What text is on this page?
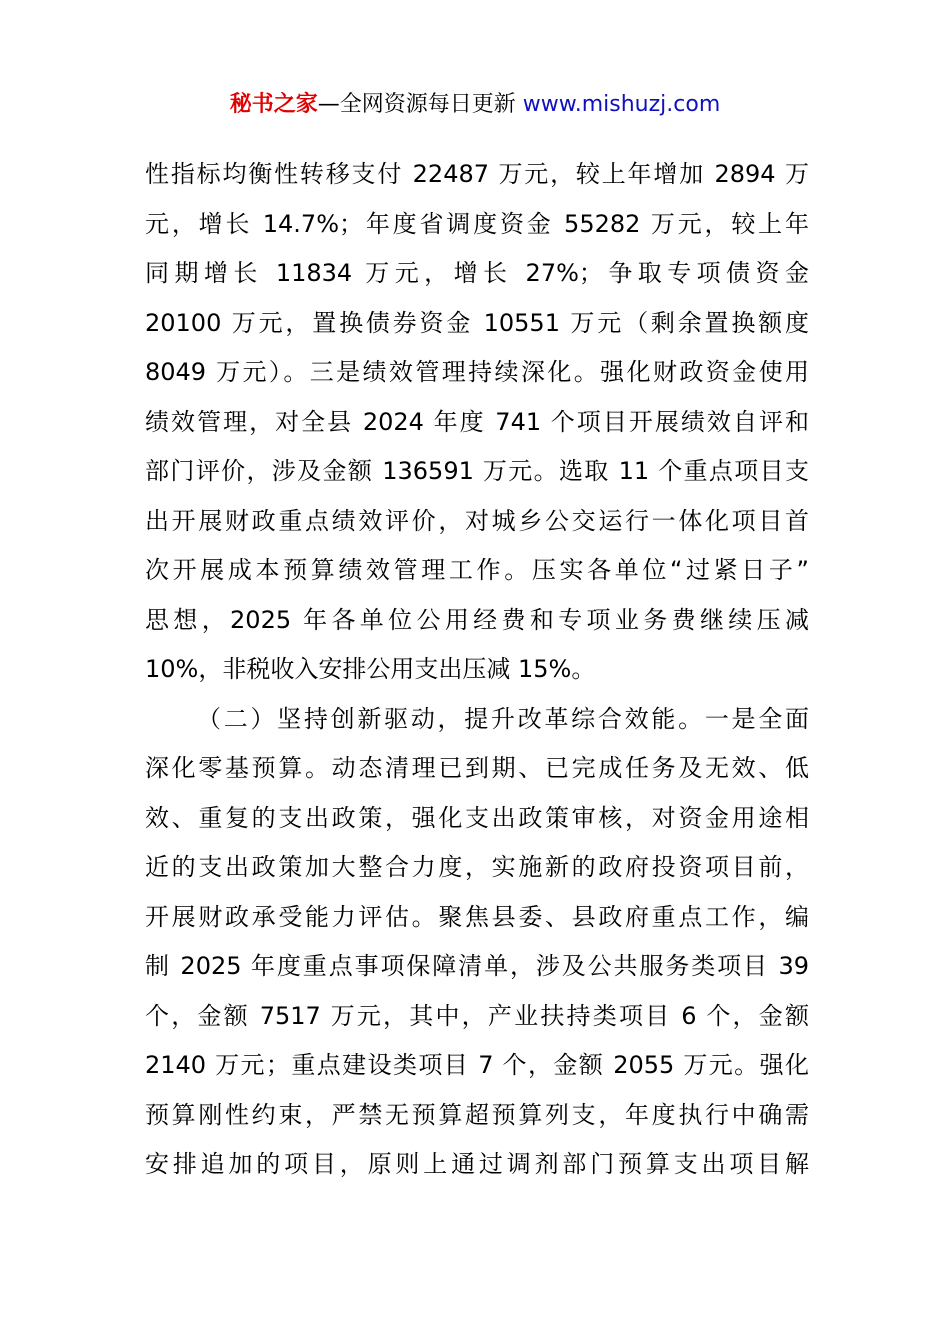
秘书之家—全网资源每日更新 www.mishuzj.com
性指标均衡性转移支付 22487 万元，较上年增加 2894 万
元，增长 14.7%；年度省调度资金 55282 万元，较上年
同期增长 11834 万元，增长 27%；争取专项债资金
20100 万元，置换债券资金 10551 万元（剩余置换额度
8049 万元）。三是绩效管理持续深化。强化财政资金使用
绩效管理，对全县 2024 年度 741 个项目开展绩效自评和
部门评价，涉及金额 136591 万元。选取 11 个重点项目支
出开展财政重点绩效评价，对城乡公交运行一体化项目首
次开展成本预算绩效管理工作。压实各单位“过紧日子”
思想，2025 年各单位公用经费和专项业务费继续压减
10%，非税收入安排公用支出压减 15%。
（二）坚持创新驱动，提升改革综合效能。一是全面
深化零基预算。动态清理已到期、已完成任务及无效、低
效、重复的支出政策，强化支出政策审核，对资金用途相
近的支出政策加大整合力度，实施新的政府投资项目前，
开展财政承受能力评估。聚焦县委、县政府重点工作，编
制 2025 年度重点事项保障清单，涉及公共服务类项目 39
个，金额 7517 万元，其中，产业扶持类项目 6 个，金额
2140 万元；重点建设类项目 7 个，金额 2055 万元。强化
预算刚性约束，严禁无预算超预算列支，年度执行中确需
安排追加的项目，原则上通过调剂部门预算支出项目解
